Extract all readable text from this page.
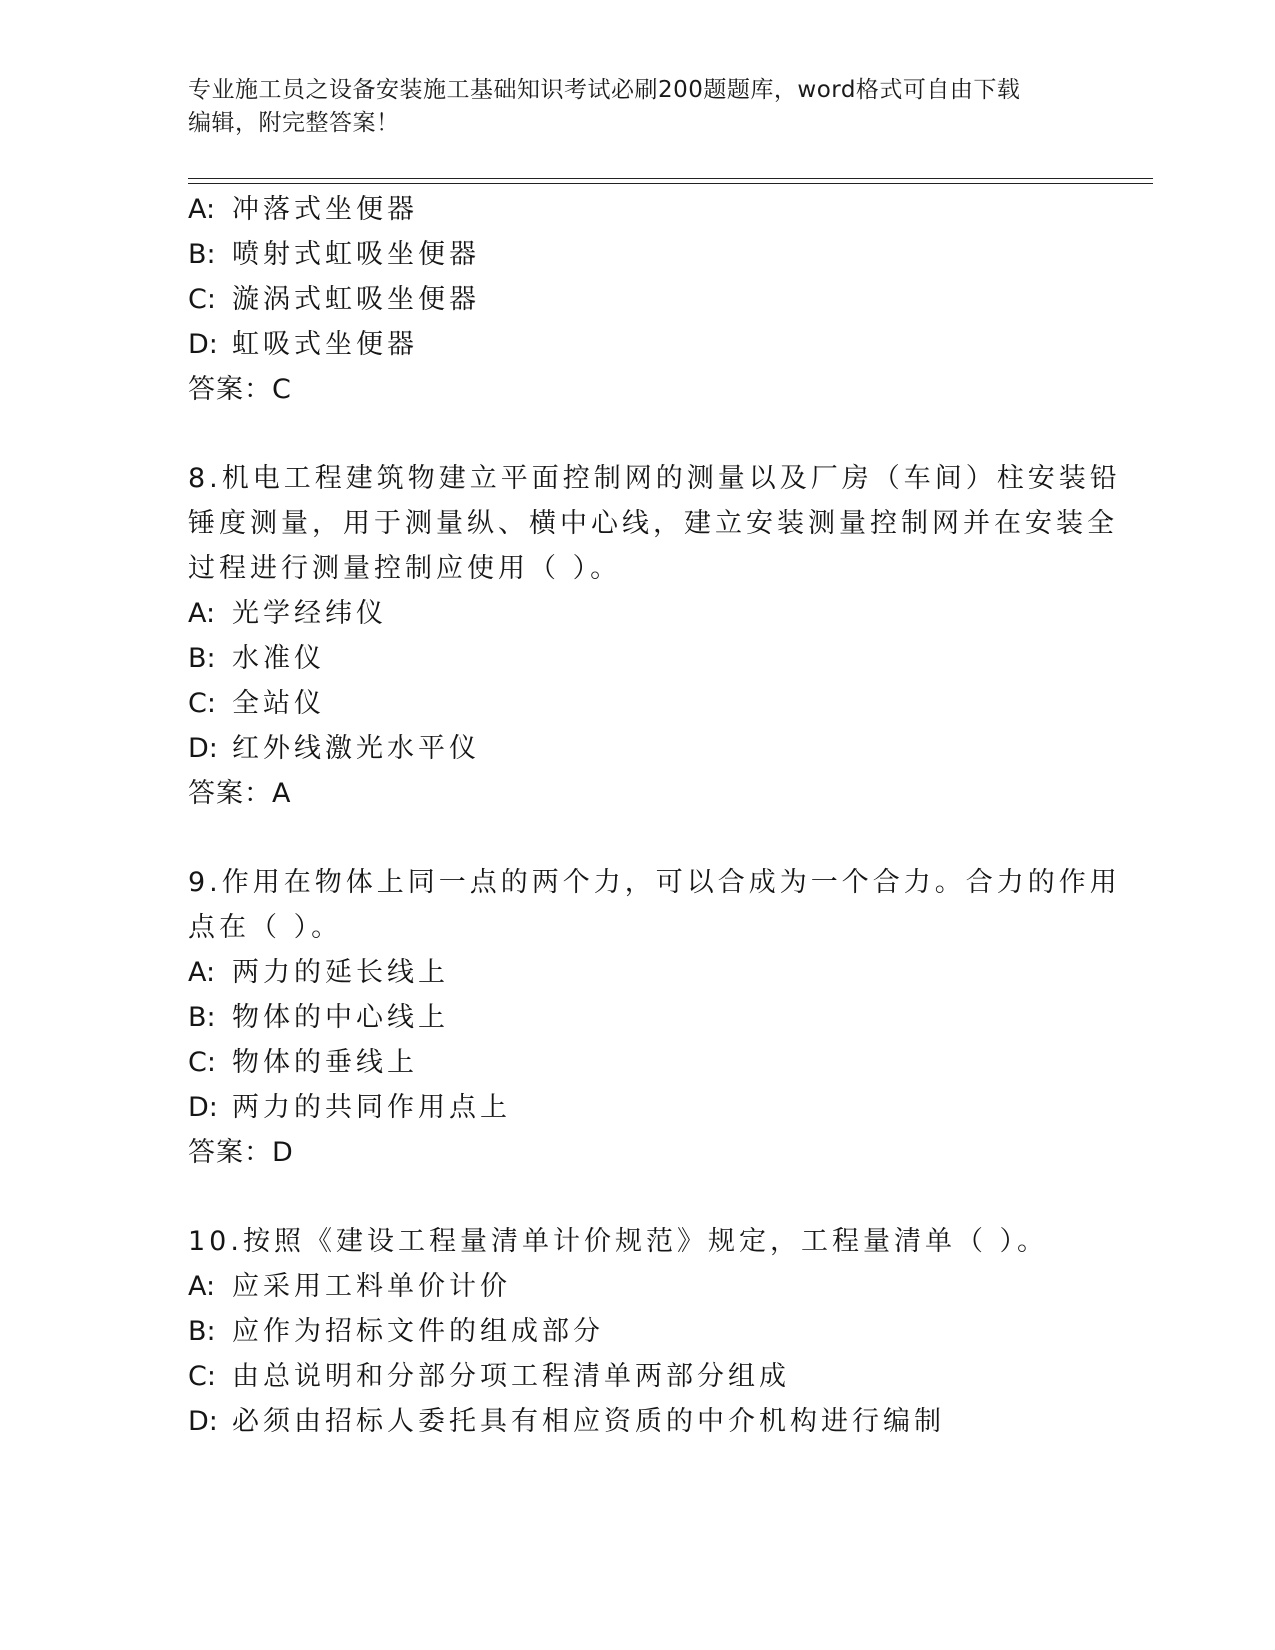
专业施工员之设备安装施工基础知识考试必刷200题题库，word格式可自由下载
编辑，附完整答案！
A: 冲落式坐便器
B: 喷射式虹吸坐便器
C: 漩涡式虹吸坐便器
D: 虹吸式坐便器
答案：C
8.机电工程建筑物建立平面控制网的测量以及厂房（车间）柱安装铅
锤度测量，用于测量纵、横中心线，建立安装测量控制网并在安装全
过程进行测量控制应使用（ ）。
A: 光学经纬仪
B: 水准仪
C: 全站仪
D: 红外线激光水平仪
答案：A
9.作用在物体上同一点的两个力，可以合成为一个合力。合力的作用
点在（ ）。
A: 两力的延长线上
B: 物体的中心线上
C: 物体的垂线上
D: 两力的共同作用点上
答案：D
10.按照《建设工程量清单计价规范》规定，工程量清单（ ）。
A: 应采用工料单价计价
B: 应作为招标文件的组成部分
C: 由总说明和分部分项工程清单两部分组成
D: 必须由招标人委托具有相应资质的中介机构进行编制
